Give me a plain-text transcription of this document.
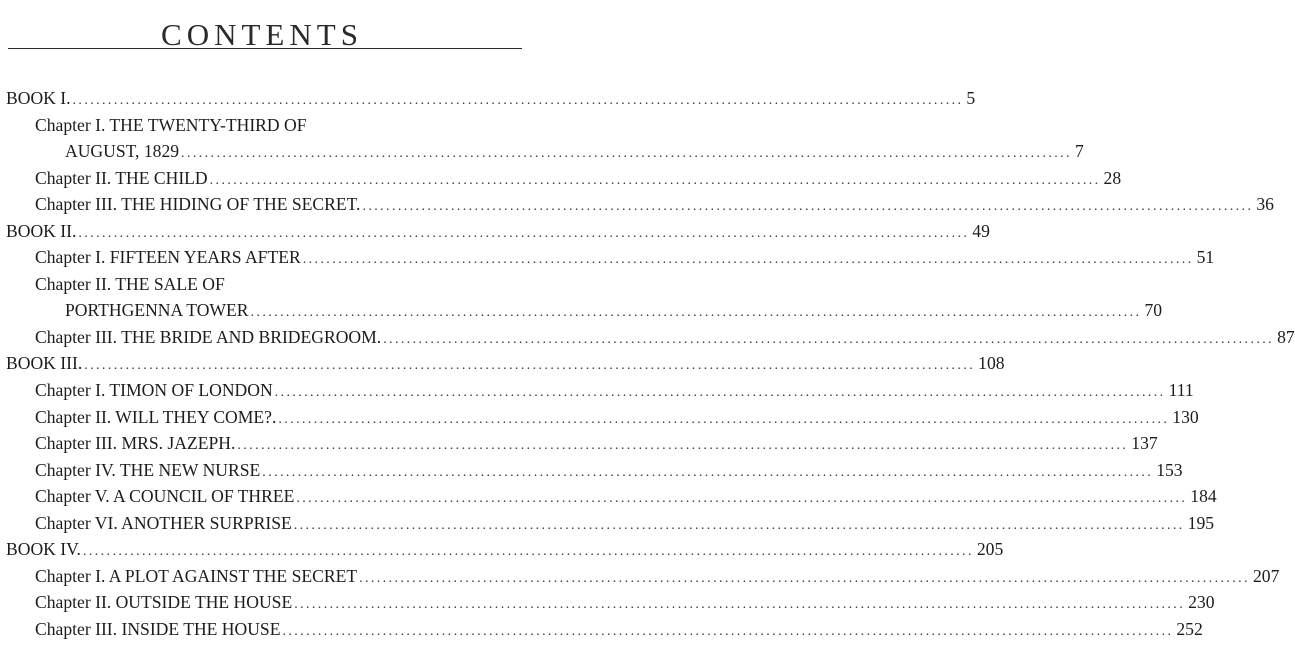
CONTENTS
BOOK I. ....................................................................................................................................................... 5
Chapter I. THE TWENTY-THIRD OF
AUGUST, 1829 ....................................................................................................................................................... 7
Chapter II. THE CHILD ....................................................................................................................................................... 28
Chapter III. THE HIDING OF THE SECRET. ....................................................................................................................................................... 36
BOOK II. ....................................................................................................................................................... 49
Chapter I. FIFTEEN YEARS AFTER ....................................................................................................................................................... 51
Chapter II. THE SALE OF
PORTHGENNA TOWER ....................................................................................................................................................... 70
Chapter III. THE BRIDE AND BRIDEGROOM. ....................................................................................................................................................... 87
BOOK III. ....................................................................................................................................................... 108
Chapter I. TIMON OF LONDON ....................................................................................................................................................... 111
Chapter II. WILL THEY COME?. ....................................................................................................................................................... 130
Chapter III. MRS. JAZEPH. ....................................................................................................................................................... 137
Chapter IV. THE NEW NURSE ....................................................................................................................................................... 153
Chapter V. A COUNCIL OF THREE ....................................................................................................................................................... 184
Chapter VI. ANOTHER SURPRISE ....................................................................................................................................................... 195
BOOK IV. ....................................................................................................................................................... 205
Chapter I. A PLOT AGAINST THE SECRET ....................................................................................................................................................... 207
Chapter II. OUTSIDE THE HOUSE ....................................................................................................................................................... 230
Chapter III. INSIDE THE HOUSE ....................................................................................................................................................... 252
